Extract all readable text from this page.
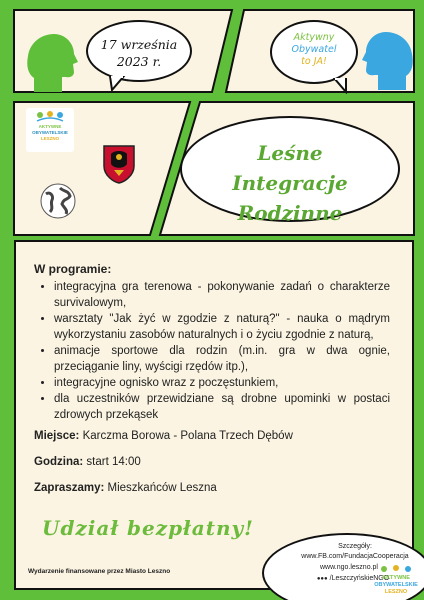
17 września 2023 r.
Aktywny
Obywatel
to JA!
AKTYWNE
OBYWATELSKIE
LESZNO
Leśne
Integracje Rodzinne
W programie:
• integracyjna gra terenowa - pokonywanie zadań o charakterze survivalowym,
• warsztaty "Jak żyć w zgodzie z naturą?" - nauka o mądrym wykorzystaniu zasobów naturalnych i o życiu zgodnie z naturą,
• animacje sportowe dla rodzin (m.in. gra w dwa ognie, przeciąganie liny, wyścigi rzędów itp.),
• integracyjne ognisko wraz z poczęstunkiem,
• dla uczestników przewidziane są drobne upominki w postaci zdrowych przekąsek
Miejsce: Karczma Borowa - Polana Trzech Dębów
Godzina: start 14:00
Zapraszamy: Mieszkańców Leszna
Udział bezpłatny!
Wydarzenie finansowane przez Miasto Leszno
Szczegóły:
www.FB.com/FundacjaCooperacja
www.ngo.leszno.pl
●●● /LeszczyńskieNGO
AKTYWNE
OBYWATELSKIE
LESZNO
